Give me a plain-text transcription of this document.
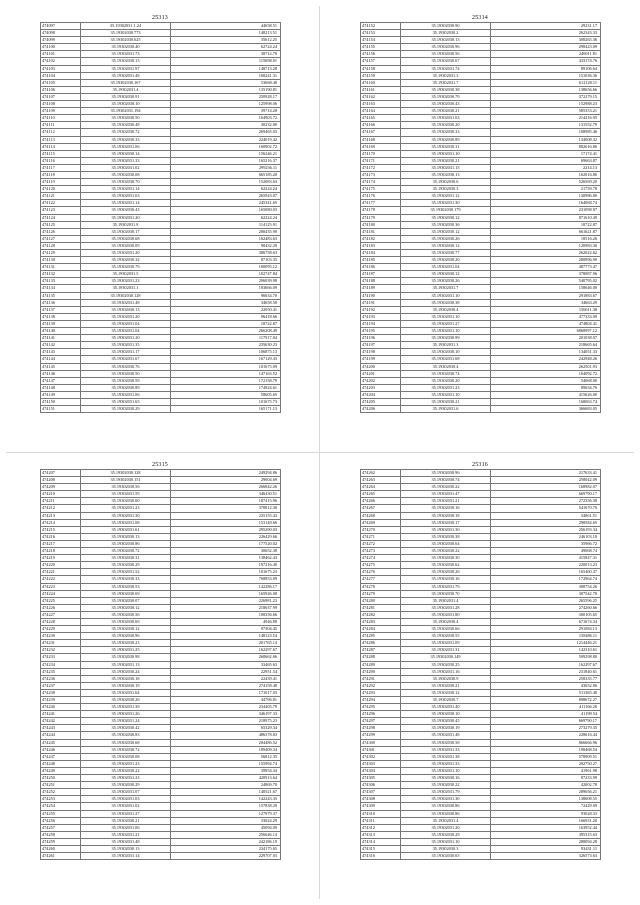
25313
474097	35.19302031 1.24	44658.51
474098	35.19302030.773	148213.51
474099	35.19302030.625	35612.25
474100	35.19302030.40	62724.24
474101	35.19302031.73	38712.78
474102	35.19302030.13	115698.01
474103	35.19302031.97	148713.28
474104	35.19302031.48	168241.31
474105	35.19302030.167	53668.48
474106	35.19302031.4	135190.81
474107	35.19302030.91	250928.17
474108	35.19302030.10	125998.06
474109	35.19302031.194	39714.28
474110	35.19302030.50	164903.72
474111	35.19302030.48	30232.80
474112	35.19302030.72	269465.03
474113	35.19302030.33	224019.42
474114	35.19302031.06	160902.72
474115	35.19302030.14	156246.21
474116	35.19302031.33	165216.37
474117	35.19302031.02	299236.11
474118	35.19302030.08	665185.20
474119	35.19302030.70	152083.63
474120	35.19302031.14	62224.24
474121	35.19302031.63	265943.07
474122	35.19302031.14	245341.65
474123	35.19302030.43	165080.03
474124	35.19302031.20	62224.24
474125	35.19302031.8	114125.91
474126	35.19302030.17	280435.90
474127	35.19302030.68	162483.63
474128	35.19302030.09	90432.29
474129	35.19302031.20	386758.63
474130	35.19302030.32	87103.35
474131	35.19302030.79	100095.12
474132	35.19302031.5	102747.84
474133	35.19302031.23	296039.98
474134	35.19302031.1	183666.09
474135	35.19302030.128	96634.70
474136	35.19302031.48	34658.58
474137	35.19302030.13	22050.41
474138	35.19302031.20	96418.66
474139	35.19302031.04	18722.87
474140	35.19302031.04	266208.49
474141	35.19302031.20	117917.04
474142	35.19302031.35	235630.23
474143	35.19302031.17	106875.13
474144	35.19302031.67	167129.43
474145	35.19302030.76	101675.09
474146	35.19302030.50	147163.52
474147	35.19302030.59	172158.79
474148	35.19302030.89	174924.61
474149	35.19302031.06	58605.65
474150	35.19302031.65	101675.73
474151	35.19302030.29	165171.13
25314
474152	35.19302030.90	29231.17
474153	35.19302030.2	262343.33
474154	35.19302030.13	308265.36
474155	35.19302030.96	298423.09
474156	35.19302030.56	246911.81
474157	35.19302030.67	433174.76
474158	35.19302031.74	89106.64
474159	35.19302031.3	151036.36
474160	35.19302031.7	612128.11
474161	35.19302030.38	138656.66
474162	35.19302030.79	372279.15
474163	35.19302030.43	152988.23
474164	35.19302030.21	585353.21
474165	35.19302031.63	214216.95
474166	35.19302030.20	131552.79
474167	35.19302030.33	108985.46
474168	35.19302030.89	134008.32
474169	35.19302030.31	882616.86
474170	35.19302031.10	17174.41
474171	35.19302030.21	69663.87
474172	35.19302031.15	2214.13
474173	35.19302030.13	162016.86
474174	35.19302030.6	526569.20
474175	35.19302030.3	21759.78
474176	35.19302031.12	130986.80
474177	35.19302031.30	164068.74
474178	35.19302030.179	231098.97
474179	35.19302030.12	871610.49
474180	35.19302030.36	18722.87
474181	35.19302030.12	661621.87
474182	35.19302030.26	18516.26
474183	35.19302030.12	120983.30
474184	35.19302030.77	262622.62
474185	35.19302030.20	280896.90
474186	35.19302031.04	487773.47
474187	35.19302030.12	378087.96
474188	35.19302030.26	540795.02
474189	35.19302031.7	158646.00
474190	35.19302031.10	291883.67
474191	35.19302030.38	34663.29
474192	35.19302030.4	156611.38
474193	35.19302031.10	477333.09
474194	35.19302031.27	474804.41
474195	35.19302031.10	6868997.12
474196	35.19302030.99	201038.07
474197	35.19302031.3	218665.64
474198	35.19302030.10	134051.33
474199	35.19302031.68	242948.26
474200	35.19302030.4	262501.93
474201	35.19302030.74	104092.72
474202	35.19302030.20	54668.00
474203	35.19302031.23	89634.76
474204	35.19302031.10	415626.00
474205	35.19302030.21	168063.74
474206	35.19302031.6	366683.05
25315
474207	35.19302030.128	249294.86
474208	35.19302030.151	29004.69
474209	35.19302030.56	266842.26
474210	35.19302031.59	346430.51
474211	35.19302030.60	187415.96
474212	35.19302031.23	370812.30
474213	35.19302031.30	235155.43
474214	35.19302031.08	153149.66
474215	35.19302031.61	295290.03
474216	35.19302030.13	226429.66
474217	35.19302030.86	177520.02
474218	35.19302030.72	30652.38
474219	35.19302030.31	138462.43
474220	35.19302030.29	197216.40
474221	35.19302031.52	101675.23
474222	35.19302030.33	768853.09
474223	35.19302030.53	142286.17
474224	35.19302030.69	165926.08
474225	35.19302030.07	226981.23
474226	35.19302030.12	218637.99
474227	35.19302030.56	108356.66
474228	35.19302030.69	4946.88
474229	35.19302030.12	97304.45
474230	35.19302030.96	148123.54
474231	35.19302030.23	201765.14
474232	35.19302031.25	162297.67
474233	35.19302030.98	260662.66
474234	35.19302031.13	33465.63
474235	35.19302030.24	22951.54
474236	35.19302030.18	22439.41
474237	35.19302030.19	274158.48
474238	35.19302031.64	171017.03
474239	35.19302030.26	44796.81
474240	35.19302031.39	234405.79
474241	35.19302031.26	346197.33
474242	35.19302031.24	218975.23
474243	35.19302030.42	65329.34
474244	35.19302030.83	486378.83
474245	35.19302030.68	204486.52
474246	35.19302030.72	189409.34
474247	35.19302030.08	56812.35
474248	35.19302031.23	155994.74
474249	35.19302030.22	39954.34
474250	35.19302031.23	420913.64
474251	35.19302030.29	24869.70
474252	35.19302031.07	140521.67
474253	35.19302031.03	142243.35
474254	35.19302031.02	157838.29
474255	35.19302031.27	127979.37
474256	35.19302030.21	33024.29
474257	35.19302031.06	45094.09
474258	35.19302031.21	256646.14
474259	35.19302031.48	242186.19
474260	35.19302030.13	234175.65
474261	35.19302031.14	229707.03
25316
474262	35.19302030.96	217633.41
474263	35.19302030.74	258042.09
474264	35.19302030.22	168982.07
474265	35.19302031.47	669790.17
474266	35.19302031.21	272356.38
474267	35.19302030.16	541670.70
474268	35.19302030.18	34861.51
474269	35.19302030.17	298584.65
474270	35.19302031.30	256193.34
474271	35.19302030.38	246103.18
474272	35.19302030.64	35966.72
474273	35.19302030.22	49068.74
474274	35.19302030.30	415847.31
474275	35.19302030.62	220013.23
474276	35.19302030.26	165460.37
474277	35.19302030.16	172964.74
474278	35.19302031.79	308754.26
474279	35.19302030.70	307542.78
474280	35.19302031.4	265596.25
474281	35.19302031.28	274260.66
474282	35.19302031.80	300105.65
474283	35.19302030.4	671674.34
474284	35.19302030.66	291084.13
474285	35.19302030.55	158486.11
474286	35.19302031.09	1214446.21
474287	35.19302031.31	142310.61
474288	35.19302030.149	509298.80
474289	35.19302030.25	162297.67
474290	35.19302031.16	231840.61
474291	35.19302030.9	258335.77
474292	35.19302030.21	43652.86
474293	35.19302030.12	511365.48
474294	35.19302030.7	898672.27
474295	35.19302031.40	411166.20
474296	35.19302030.10	41198.54
474297	35.19302030.45	669790.17
474298	35.19302030.19	273279.35
474299	35.19302031.48	228616.44
474300	35.19302030.58	866666.96
474301	35.19302031.33	198468.54
474302	35.19302031.38	578909.51
474303	35.19302031.33	292750.27
474304	35.19302031.10	41961.98
474305	35.19302030.16	87233.99
474306	35.19302030.22	42002.78
474307	35.19302031.79	289656.21
474308	35.19302031.30	138608.55
474309	35.19302030.86	72429.09
474310	35.19302030.86	93028.33
474311	35.19302031.4	166931.20
474312	35.19302031.20	163952.44
474313	35.19302030.29	395315.63
474314	35.19302031.10	288094.28
474315	35.19302030.3	93431.11
474316	35.19302030.65	326573.63
